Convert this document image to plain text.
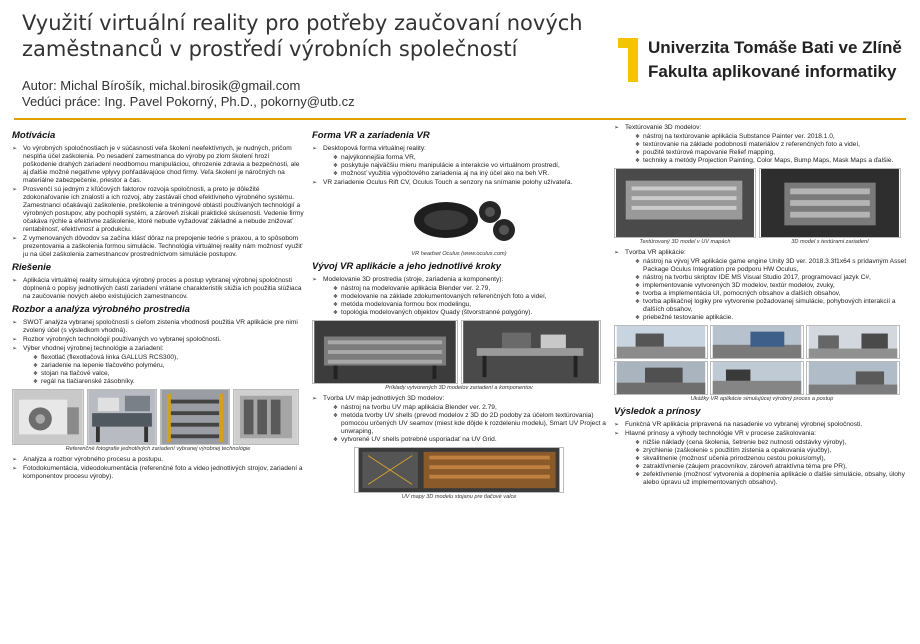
Využití virtuální reality pro potřeby zaučovaní nových zaměstnanců v prostředí výrobních společností
Autor: Michal Bírošík, michal.birosik@gmail.com
Vedúci práce: Ing. Pavel Pokorný, Ph.D., pokorny@utb.cz
Univerzita Tomáše Bati ve Zlíně
Fakulta aplikované informatiky
Motivácia
➢ Vo výrobných spoločnostiach je v súčasnosti veľa školení neefektívnych, je nudných, pričom nesplňa účel zaškolenia. Po nesadení zamestnanca do výroby po zlom školení hrozí poškodenie drahých zariadení neodbornou manipuláciou, ohrozenie zdravia a bezpečnosti, ale aj ďalšie možné negatívne vplyvy pohľadávajúce chod firmy. Veľa školení je náročných na materiálne zabezpečenie, priestor a čas.
➢ Prosvenčí sú jedným z kľúčových faktorov rozvoja spoločnosti, a preto je dôležité zdokonaľovanie ich znalostí a ich rozvoj, aby zastávali chod efektívneho výrobného systému. Zamestnanci očakávajú zaškolenie, preškolenie a tréningové oblastí používaných technológií a výrobných postupov, aby pochopili systém, a zároveň získali praktické skúsenosti. Vedenie firmy očakáva rýchle a efektívne zaškolenie, ktoré nebude vyžadovať základné a nebude znižovať rentabilnosť, efektívnosť a produkciu.
➢ Z vymenovaných dôvodov sa začína klásť dôraz na prepojenie teórie s praxou, a to spôsobom prezentovania a zaškolenia formou simulácie. Technológia virtuálnej reality nám možnosť využiť ju na účel zaškolenia zamestnancov prostredníctvom simulácie postupov.
Riešenie
➢ Aplikácia virtuálnej reality simulujúca výrobný proces a postup vybranej výrobnej spoločnosti doplnená o popisy jednotlivých častí zariadení vrátane charakteristík slúžia ich použitia slúžiaca na zaučovanie nových alebo existujúcich zamestnancov.
Rozbor a analýza výrobného prostredia
➢ SWOT analýza vybranej spoločnosti s cieľom zistenia vhodnosti použitia VR aplikácie pre nimi zvolený účel (s výsledkom vhodná).
➢ Rozbor výrobných technológií používaných vo vybranej spoločnosti.
➢ Výber vhodnej výrobnej technológie a zariadení:
❖ flexotlač (flexotlačová linka GALLUS RCS300),
❖ zariadenie na lepenie tlačového polyméru,
❖ stojan na tlačové valce,
❖ regál na tlačiarenské zásobníky.
Referenčné fotografie jednotlivých zariadení vybranej výrobnej technológie
➢ Analýza a rozbor výrobného procesu a postupu.
➢ Fotodokumentácia, videodokumentácia (referenčné foto a video jednotlivých strojov, zariadení a komponentov procesu výroby).
Forma VR a zariadenia VR
➢ Desktopová forma virtuálnej reality:
❖ najvýkonnejšia forma VR,
❖ poskytuje najväčšiu mieru manipulácie a interakcie vo virtuálnom prostredí,
❖ možnosť využitia výpočtového zariadenia aj na iný účel ako na beh VR.
➢ VR zariadenie Oculus Rift CV, Oculus Touch a senzory na snímanie polohy užívateľa.
VR headset Oculus (www.oculus.com)
Vývoj VR aplikácie a jeho jednotlivé kroky
➢ Modelovanie 3D prostredia (stroje, zariadenia a komponenty):
❖ nástroj na modelovanie aplikácia Blender ver. 2.79,
❖ modelovanie na základe zdokumentovaných referenčných foto a videí,
❖ metóda modelovania formou box modelingu,
❖ topológia modelovaných objektov Quady (štvorstranné polygóny).
Príklady vytvorených 3D modelov zariadení a komponentov
➢ Tvorba UV máp jednotlivých 3D modelov:
❖ nástroj na tvorbu UV máp aplikácia Blender ver. 2.79,
❖ metóda tvorby UV shells (prevod modelov z 3D do 2D podoby za účelom textúrovania) pomocou určených UV seamov (miest kde dôjde k rozdeleniu modelu), Smart UV Project a unwraping,
❖ vytvorené UV shells potrebné usporiadať na UV Grid.
UV mapy 3D modelu stojanu pre tlačové valce
➢ Textúrovanie 3D modelov:
❖ nástroj na textúrovanie aplikácia Substance Painter ver. 2018.1.0,
❖ textúrovanie na základe podobnosti materiálov z referenčných foto a videí,
❖ použité textúrové mapovanie Relief mapping,
❖ techniky a metódy Projection Painting, Color Maps, Bump Maps, Mask Maps a ďalšie.
Textúrovaný 3D model v UV mapách	3D model s textúrami zariadení
➢ Tvorba VR aplikácie:
❖ nástroj na vývoj VR aplikácie game engine Unity 3D ver. 2018.3.3f1x64 s prídavným Asset Package Oculus Integration pre podporu HW Oculus,
❖ nástroj na tvorbu skriptov IDE MS Visual Studio 2017, programovací jazyk C#,
❖ implementovanie vytvorených 3D modelov, textúr modelov, zvuky,
❖ tvorba a implementácia UI, pomocných obsahov a ďalších obsahov,
❖ tvorba aplikačnej logiky pre vytvorenie požadovanej simulácie, pohybových interakcií a ďalších obsahov,
❖ priebežné testovanie aplikácie.
Ukážky VR aplikácie simulujúcej výrobný proces a postup
Výsledok a prínosy
➢ Funkčná VR aplikácia pripravená na nasadenie vo vybranej výrobnej spoločnosti.
➢ Hlavné prínosy a výhody technológie VR v procese zaškolovania:
❖ nižšie náklady (cena školenia, šetrenie bez nutnosti odstávky výroby),
❖ zrýchlenie (zaškolenie s použitím zistenia a opakovania výučby),
❖ skvalitnenie (možnosť učenia prirodzenou cestou pokus/omyl),
❖ zatraktívnenie (záujem pracovníkov, zároveň atraktívna téma pre PR),
❖ zefektívnenie (možnosť vytvorenia a doplnenia aplikácie o ďalšie simulácie, obsahy, úlohy alebo úpravu už implementovaných obsahov).
